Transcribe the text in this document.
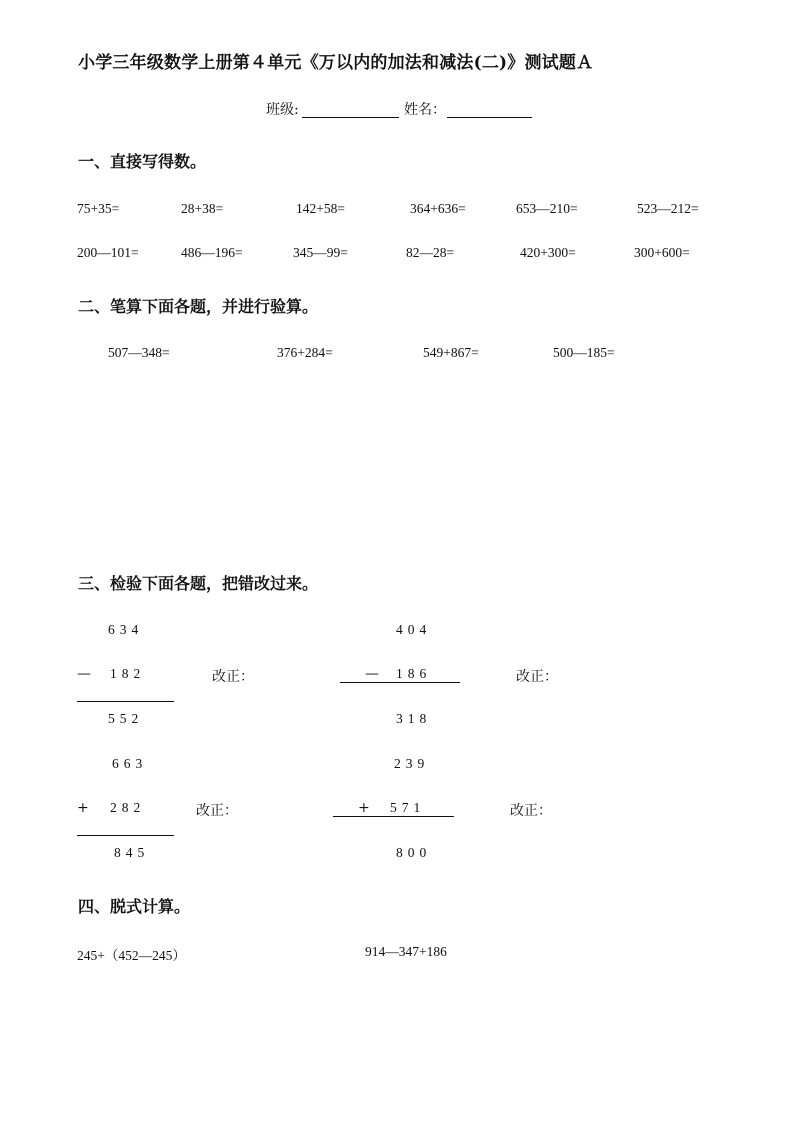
小学三年级数学上册第４单元《万以内的加法和减法(二)》测试题Ａ
班级:	姓名：
一、直接写得数。
75+35=	28+38=	142+58=	364+636=	653—210=	523—212=
200—101=	486—196=	345—99=	82—28=	420+300=	300+600=
二、笔算下面各题，并进行验算。
507—348=	376+284=	549+867=	500—185=
三、检验下面各题，把错改过来。
634
— 182
552
改正：
404
— 186
318
改正：
663
+ 282
845
改正：
239
+ 571
800
改正：
四、脱式计算。
245+（452—245）	914—347+186
